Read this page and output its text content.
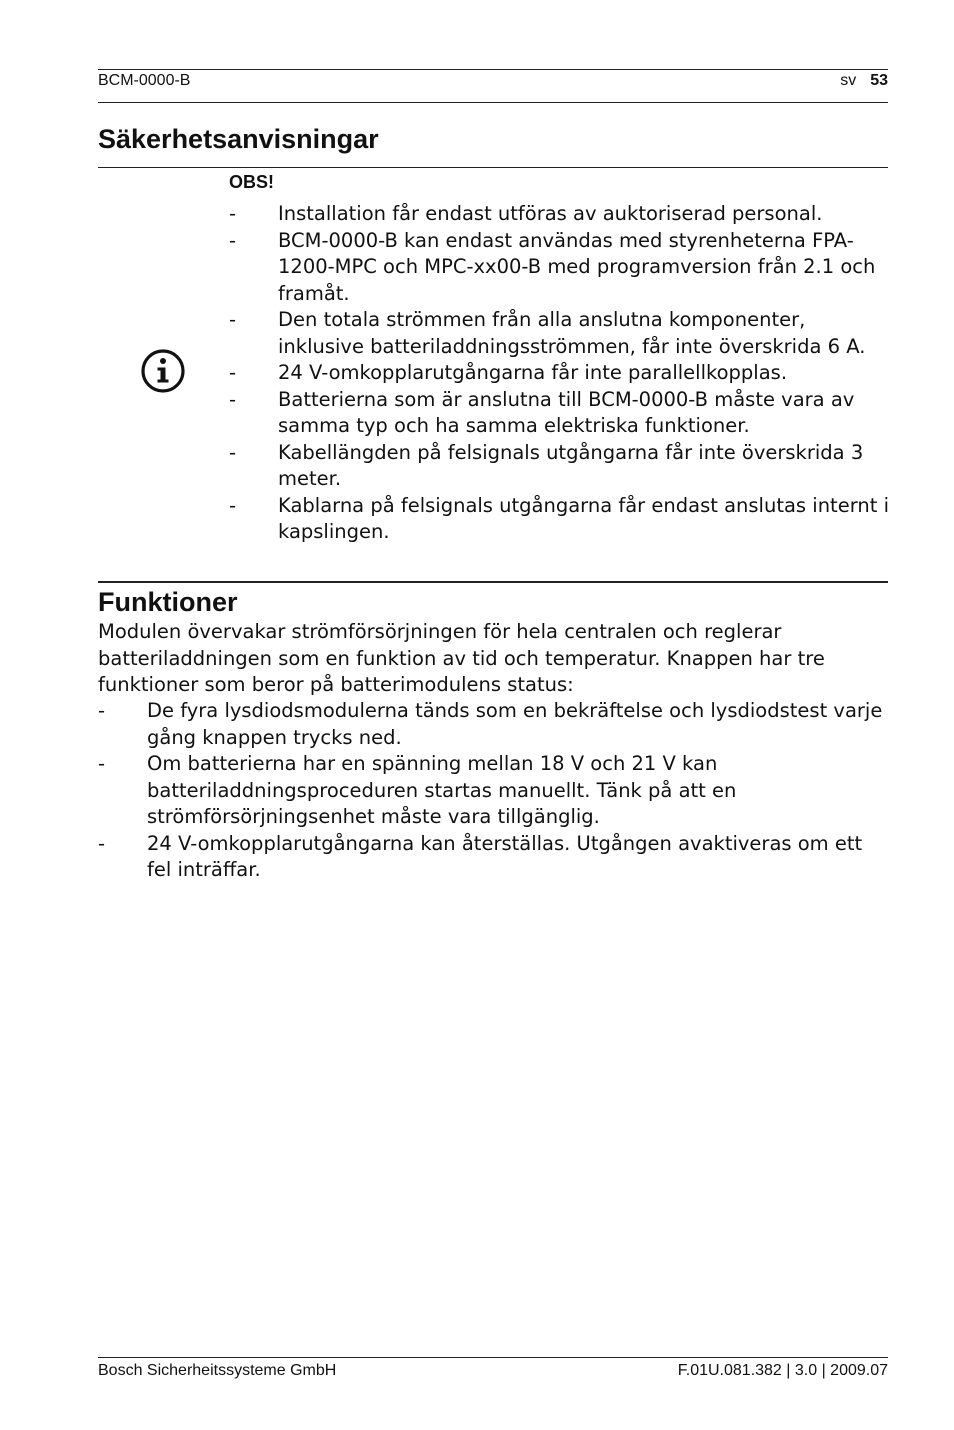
BCM-0000-B	sv 53
Säkerhetsanvisningar
OBS!
- Installation får endast utföras av auktoriserad personal.
- BCM-0000-B kan endast användas med styrenheterna FPA-1200-MPC och MPC-xx00-B med programversion från 2.1 och framåt.
- Den totala strömmen från alla anslutna komponenter, inklusive batteriladdningsströmmen, får inte överskrida 6 A.
- 24 V-omkopplarutgångarna får inte parallellkopplas.
- Batterierna som är anslutna till BCM-0000-B måste vara av samma typ och ha samma elektriska funktioner.
- Kabellängden på felsignals utgångarna får inte överskrida 3 meter.
- Kablarna på felsignals utgångarna får endast anslutas internt i kapslingen.
Funktioner

Modulen övervakar strömförsörjningen för hela centralen och reglerar batteriladdningen som en funktion av tid och temperatur. Knappen har tre funktioner som beror på batterimodulens status:

- De fyra lysdiodsmodulerna tänds som en bekräftelse och lysdiodstest varje gång knappen trycks ned.
- Om batterierna har en spänning mellan 18 V och 21 V kan batteriladdningsproceduren startas manuellt. Tänk på att en strömförsörjningsenhet måste vara tillgänglig.
- 24 V-omkopplarutgångarna kan återställas. Utgången avaktiveras om ett fel inträffar.
Bosch Sicherheitssysteme GmbH	F.01U.081.382 | 3.0 | 2009.07
